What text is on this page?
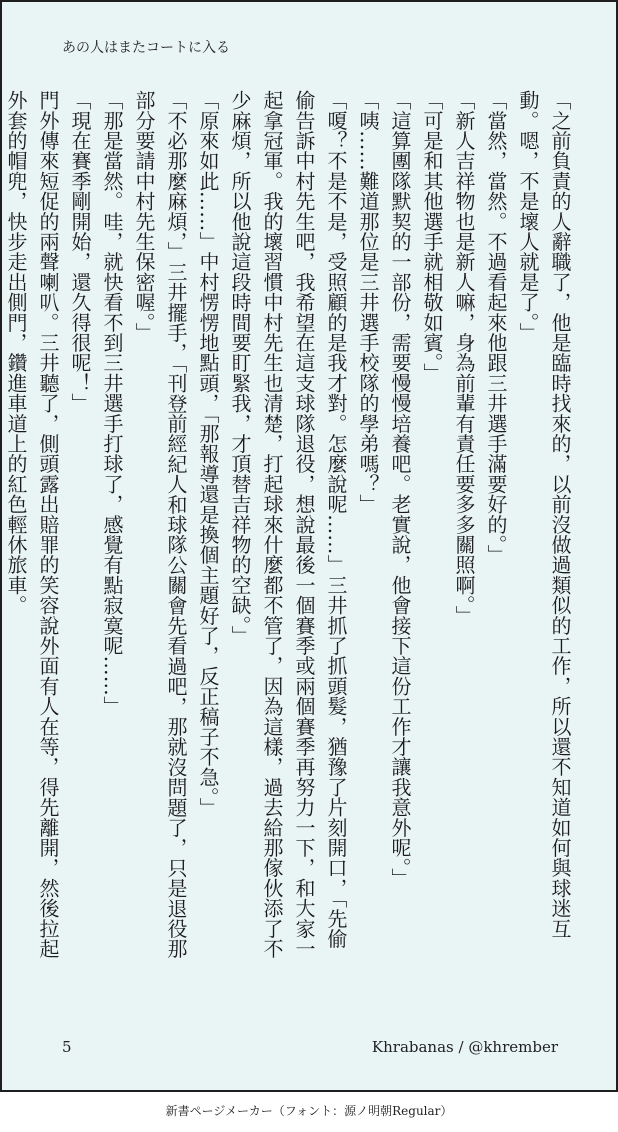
あの人はまたコートに入る

「之前負責的人辭職了，他是臨時找來的，以前沒做過類似的工作，所以還不知道如何與球迷互動。嗯，不是壞人就是了。」

「當然，當然。不過看起來他跟三井選手滿要好的。」

「新人吉祥物也是新人嘛，身為前輩有責任要多多關照啊。」

「可是和其他選手就相敬如賓。」

「這算團隊默契的一部份，需要慢慢培養吧。老實說，他會接下這份工作才讓我意外呢。」

「咦……難道那位是三井選手校隊的學弟嗎？」

「嗄？不是不是，受照顧的是我才對。怎麼說呢……」三井抓了抓頭髮，猶豫了片刻開口，「先偷偷告訴中村先生吧，我希望在這支球隊退役，想說最後一個賽季或兩個賽季再努力一下，和大家一起拿冠軍。我的壞習慣中村先生也清楚，打起球來什麼都不管了，因為這樣，過去給那傢伙添了不少麻煩，所以他說這段時間要盯緊我，才頂替吉祥物的空缺。」

「原來如此……」中村愣愣地點頭，「那報導還是換個主題好了，反正稿子不急。」

「不必那麼麻煩，」三井擺手，「刊登前經紀人和球隊公關會先看過吧，那就沒問題了，只是退役那部分要請中村先生保密喔。」

「那是當然。哇，就快看不到三井選手打球了，感覺有點寂寞呢……」

「現在賽季剛開始，還久得很呢！」

門外傳來短促的兩聲喇叭。三井聽了，側頭露出賠罪的笑容說外面有人在等，得先離開，然後拉起外套的帽兜，快步走出側門，鑽進車道上的紅色輕休旅車。

5	Khrabanas / @khrember
新書ページメーカー（フォント：源ノ明朝Regular）
